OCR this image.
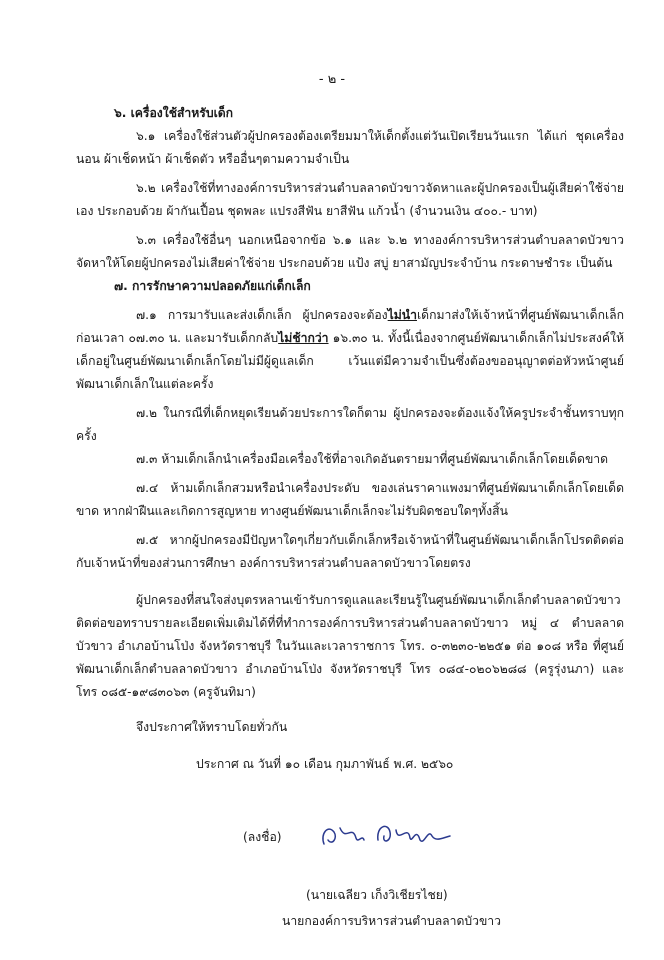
- ๒ -

๖. เครื่องใช้สำหรับเด็ก

๖.๑ เครื่องใช้ส่วนตัวผู้ปกครองต้องเตรียมมาให้เด็กตั้งแต่วันเปิดเรียนวันแรก ได้แก่ ชุดเครื่องนอน ผ้าเช็ดหน้า ผ้าเช็ดตัว หรืออื่นๆตามความจำเป็น

๖.๒ เครื่องใช้ที่ทางองค์การบริหารส่วนตำบลลาดบัวขาวจัดหาและผู้ปกครองเป็นผู้เสียค่าใช้จ่ายเอง ประกอบด้วย ผ้ากันเปื้อน ชุดพละ แปรงสีฟัน ยาสีฟัน แก้วน้ำ (จำนวนเงิน ๔๐๐.- บาท)

๖.๓ เครื่องใช้อื่นๆ นอกเหนือจากข้อ ๖.๑ และ ๖.๒ ทางองค์การบริหารส่วนตำบลลาดบัวขาวจัดหาให้โดยผู้ปกครองไม่เสียค่าใช้จ่าย ประกอบด้วย แป้ง สบู่ ยาสามัญประจำบ้าน กระดาษชำระ เป็นต้น

๗. การรักษาความปลอดภัยแก่เด็กเล็ก

๗.๑ การมารับและส่งเด็กเล็ก ผู้ปกครองจะต้องไม่นำเด็กมาส่งให้เจ้าหน้าที่ศูนย์พัฒนาเด็กเล็ก ก่อนเวลา ๐๗.๓๐ น. และมารับเด็กกลับไม่ช้ากว่า ๑๖.๓๐ น. ทั้งนี้เนื่องจากศูนย์พัฒนาเด็กเล็กไม่ประสงค์ให้เด็กอยู่ในศูนย์พัฒนาเด็กเล็กโดยไม่มีผู้ดูแลเด็ก เว้นแต่มีความจำเป็นซึ่งต้องขออนุญาตต่อหัวหน้าศูนย์พัฒนาเด็กเล็กในแต่ละครั้ง

๗.๒ ในกรณีที่เด็กหยุดเรียนด้วยประการใดก็ตาม ผู้ปกครองจะต้องแจ้งให้ครูประจำชั้นทราบทุกครั้ง

๗.๓ ห้ามเด็กเล็กนำเครื่องมือเครื่องใช้ที่อาจเกิดอันตรายมาที่ศูนย์พัฒนาเด็กเล็กโดยเด็ดขาด

๗.๔ ห้ามเด็กเล็กสวมหรือนำเครื่องประดับ ของเล่นราคาแพงมาที่ศูนย์พัฒนาเด็กเล็กโดยเด็ดขาด หากฝ่าฝืนและเกิดการสูญหาย ทางศูนย์พัฒนาเด็กเล็กจะไม่รับผิดชอบใดๆทั้งสิ้น

๗.๕ หากผู้ปกครองมีปัญหาใดๆเกี่ยวกับเด็กเล็กหรือเจ้าหน้าที่ในศูนย์พัฒนาเด็กเล็กโปรดติดต่อกับเจ้าหน้าที่ของส่วนการศึกษา องค์การบริหารส่วนตำบลลาดบัวขาวโดยตรง

ผู้ปกครองที่สนใจส่งบุตรหลานเข้ารับการดูแลและเรียนรู้ในศูนย์พัฒนาเด็กเล็กตำบลลาดบัวขาวติดต่อขอทราบรายละเอียดเพิ่มเติมได้ที่ที่ทำการองค์การบริหารส่วนตำบลลาดบัวขาว หมู่ ๔ ตำบลลาดบัวขาว อำเภอบ้านโป่ง จังหวัดราชบุรี ในวันและเวลาราชการ โทร. ๐-๓๒๓๐-๒๒๕๑ ต่อ ๑๐๘ หรือ ที่ศูนย์พัฒนาเด็กเล็กตำบลลาดบัวขาว อำเภอบ้านโป่ง จังหวัดราชบุรี โทร ๐๘๔-๐๒๐๖๒๘๘ (ครูรุ่งนภา) และ โทร ๐๘๕-๑๙๘๓๐๖๓ (ครูจันทิมา)

จึงประกาศให้ทราบโดยทั่วกัน

ประกาศ ณ วันที่ ๑๐ เดือน กุมภาพันธ์ พ.ศ. ๒๕๖๐

(ลงชื่อ)
(นายเฉลียว เก็งวิเชียรไชย)
นายกองค์การบริหารส่วนตำบลลาดบัวขาว
